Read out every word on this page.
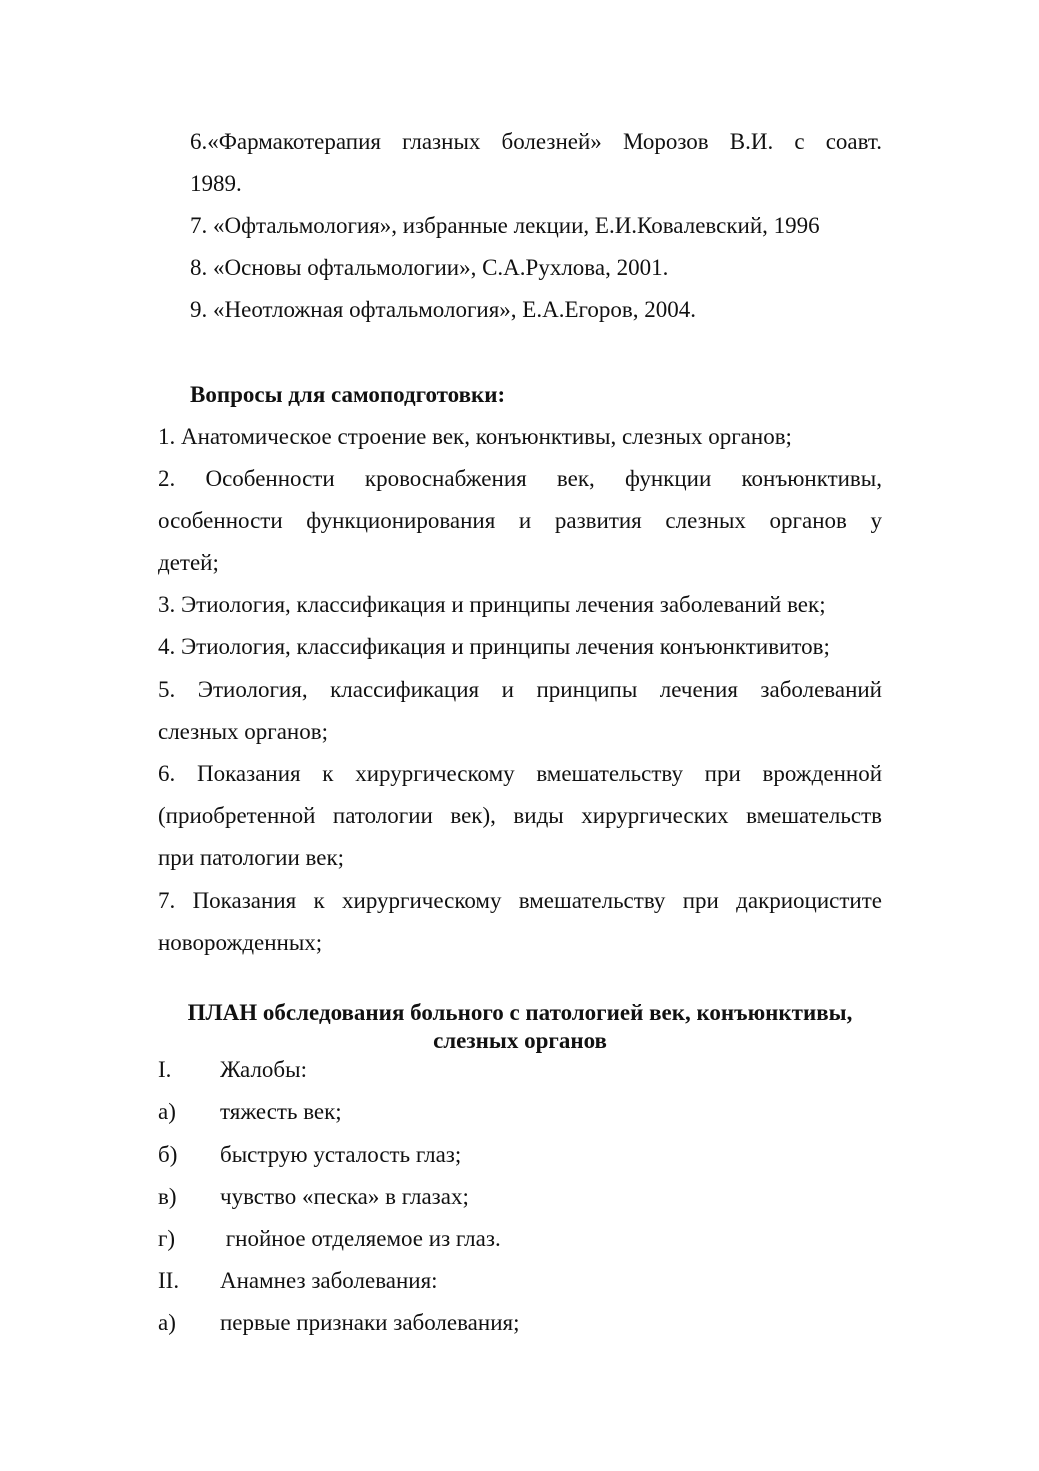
6.«Фармакотерапия глазных болезней» Морозов В.И. с соавт.
1989.
7. «Офтальмология», избранные лекции, Е.И.Ковалевский, 1996
8. «Основы офтальмологии», С.А.Рухлова, 2001.
9. «Неотложная офтальмология», Е.А.Егоров, 2004.
Вопросы для самоподготовки:
1. Анатомическое строение век, конъюнктивы, слезных органов;
2. Особенности кровоснабжения век, функции конъюнктивы,
особенности функционирования и развития слезных органов у
детей;
3. Этиология, классификация и принципы лечения заболеваний век;
4. Этиология, классификация и принципы лечения конъюнктивитов;
5. Этиология, классификация и принципы лечения заболеваний
слезных органов;
6. Показания к хирургическому вмешательству при врожденной
(приобретенной патологии век), виды хирургических вмешательств
при патологии век;
7. Показания к хирургическому вмешательству при дакриоцистите
новорожденных;
ПЛАН обследования больного с патологией век, конъюнктивы,
слезных органов
I. Жалобы:
а) тяжесть век;
б) быструю усталость глаз;
в) чувство «песка» в глазах;
г) гнойное отделяемое из глаз.
II. Анамнез заболевания:
а) первые признаки заболевания;
